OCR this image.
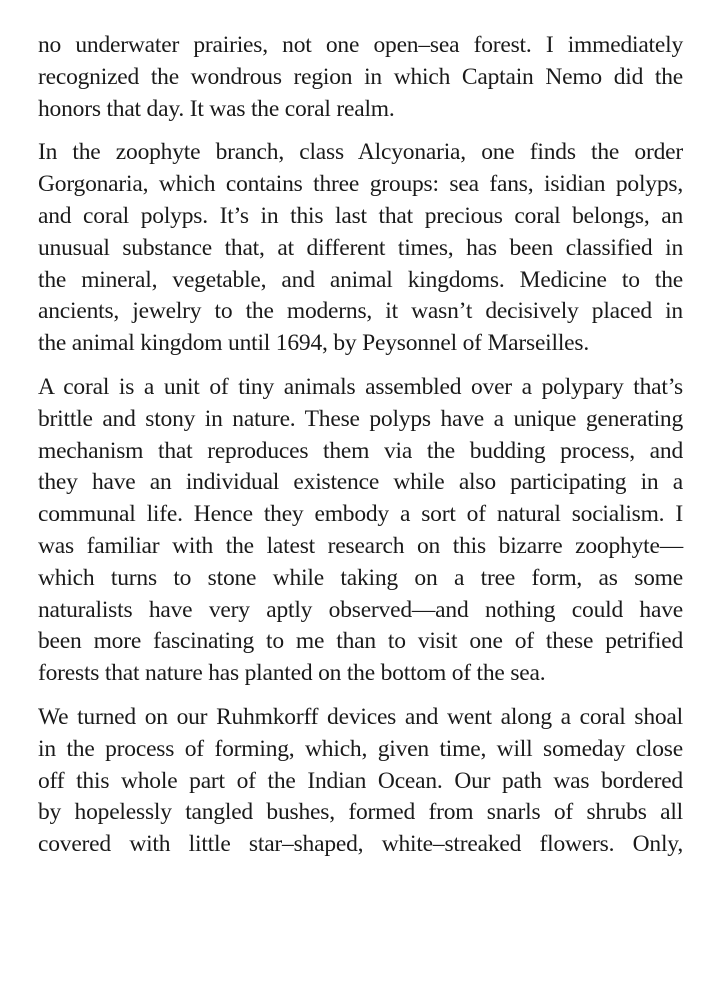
no underwater prairies, not one open–sea forest. I immediately
recognized the wondrous region in which Captain Nemo did the
honors that day. It was the coral realm.

In the zoophyte branch, class Alcyonaria, one finds the order
Gorgonaria, which contains three groups: sea fans, isidian polyps,
and coral polyps. It’s in this last that precious coral belongs, an
unusual substance that, at different times, has been classified in
the mineral, vegetable, and animal kingdoms. Medicine to the
ancients, jewelry to the moderns, it wasn’t decisively placed in
the animal kingdom until 1694, by Peysonnel of Marseilles.

A coral is a unit of tiny animals assembled over a polypary that’s
brittle and stony in nature. These polyps have a unique generating
mechanism that reproduces them via the budding process, and
they have an individual existence while also participating in a
communal life. Hence they embody a sort of natural socialism. I
was familiar with the latest research on this bizarre zoophyte—
which turns to stone while taking on a tree form, as some
naturalists have very aptly observed—and nothing could have
been more fascinating to me than to visit one of these petrified
forests that nature has planted on the bottom of the sea.

We turned on our Ruhmkorff devices and went along a coral shoal
in the process of forming, which, given time, will someday close
off this whole part of the Indian Ocean. Our path was bordered
by hopelessly tangled bushes, formed from snarls of shrubs all
covered with little star–shaped, white–streaked flowers. Only,
